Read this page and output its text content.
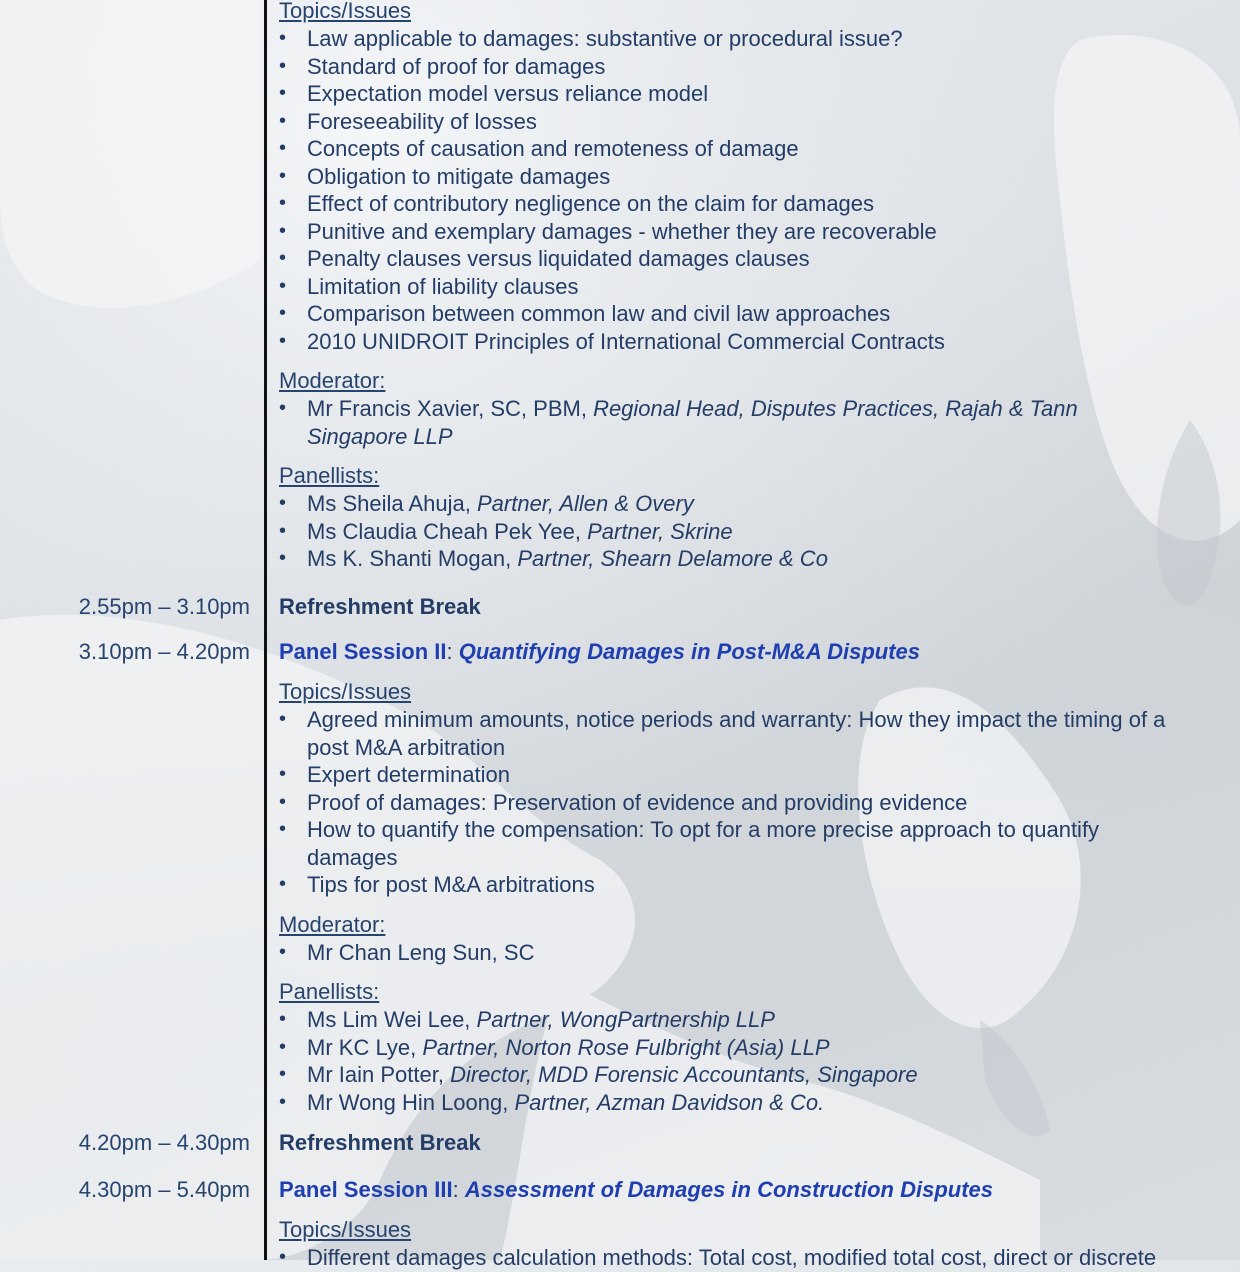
Topics/Issues
• Law applicable to damages: substantive or procedural issue?
• Standard of proof for damages
• Expectation model versus reliance model
• Foreseeability of losses
• Concepts of causation and remoteness of damage
• Obligation to mitigate damages
• Effect of contributory negligence on the claim for damages
• Punitive and exemplary damages - whether they are recoverable
• Penalty clauses versus liquidated damages clauses
• Limitation of liability clauses
• Comparison between common law and civil law approaches
• 2010 UNIDROIT Principles of International Commercial Contracts
Moderator:
• Mr Francis Xavier, SC, PBM, Regional Head, Disputes Practices, Rajah & Tann
Singapore LLP
Panellists:
• Ms Sheila Ahuja, Partner, Allen & Overy
• Ms Claudia Cheah Pek Yee, Partner, Skrine
• Ms K. Shanti Mogan, Partner, Shearn Delamore & Co
2.55pm – 3.10pm Refreshment Break
3.10pm – 4.20pm Panel Session II: Quantifying Damages in Post-M&A Disputes
Topics/Issues
• Agreed minimum amounts, notice periods and warranty: How they impact the timing of a post M&A arbitration
• Expert determination
• Proof of damages: Preservation of evidence and providing evidence
• How to quantify the compensation: To opt for a more precise approach to quantify damages
• Tips for post M&A arbitrations
Moderator:
• Mr Chan Leng Sun, SC
Panellists:
• Ms Lim Wei Lee, Partner, WongPartnership LLP
• Mr KC Lye, Partner, Norton Rose Fulbright (Asia) LLP
• Mr Iain Potter, Director, MDD Forensic Accountants, Singapore
• Mr Wong Hin Loong, Partner, Azman Davidson & Co.
4.20pm – 4.30pm Refreshment Break
4.30pm – 5.40pm Panel Session III: Assessment of Damages in Construction Disputes
Topics/Issues
• Different damages calculation methods: Total cost, modified total cost, direct or discrete
